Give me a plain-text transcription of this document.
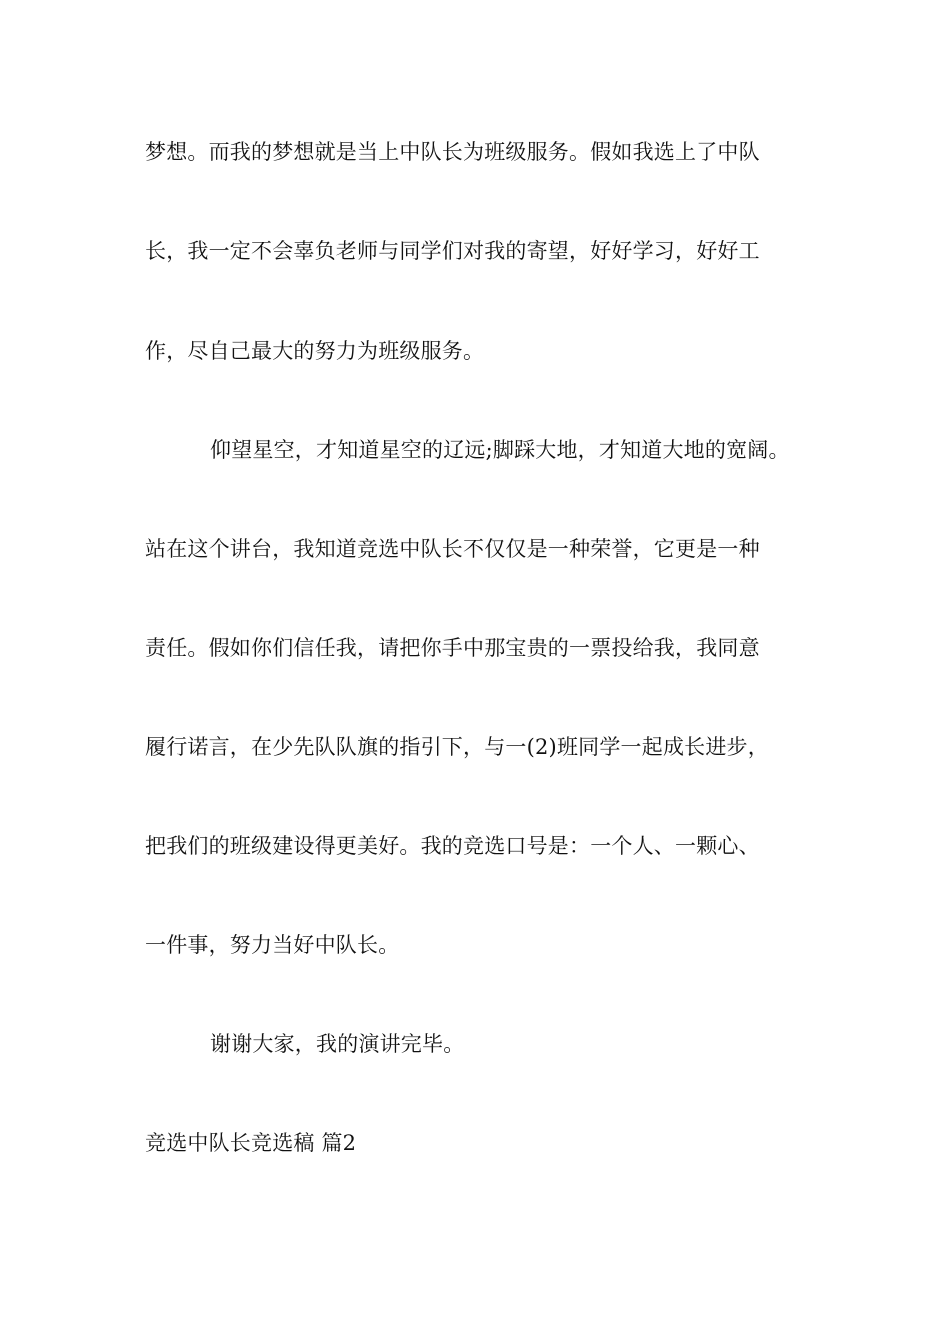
梦想。而我的梦想就是当上中队长为班级服务。假如我选上了中队
长，我一定不会辜负老师与同学们对我的寄望，好好学习，好好工
作，尽自己最大的努力为班级服务。
仰望星空，才知道星空的辽远;脚踩大地，才知道大地的宽阔。
站在这个讲台，我知道竞选中队长不仅仅是一种荣誉，它更是一种
责任。假如你们信任我，请把你手中那宝贵的一票投给我，我同意
履行诺言，在少先队队旗的指引下，与一(2)班同学一起成长进步，
把我们的班级建设得更美好。我的竞选口号是：一个人、一颗心、
一件事，努力当好中队长。
谢谢大家，我的演讲完毕。
竞选中队长竞选稿 篇2
